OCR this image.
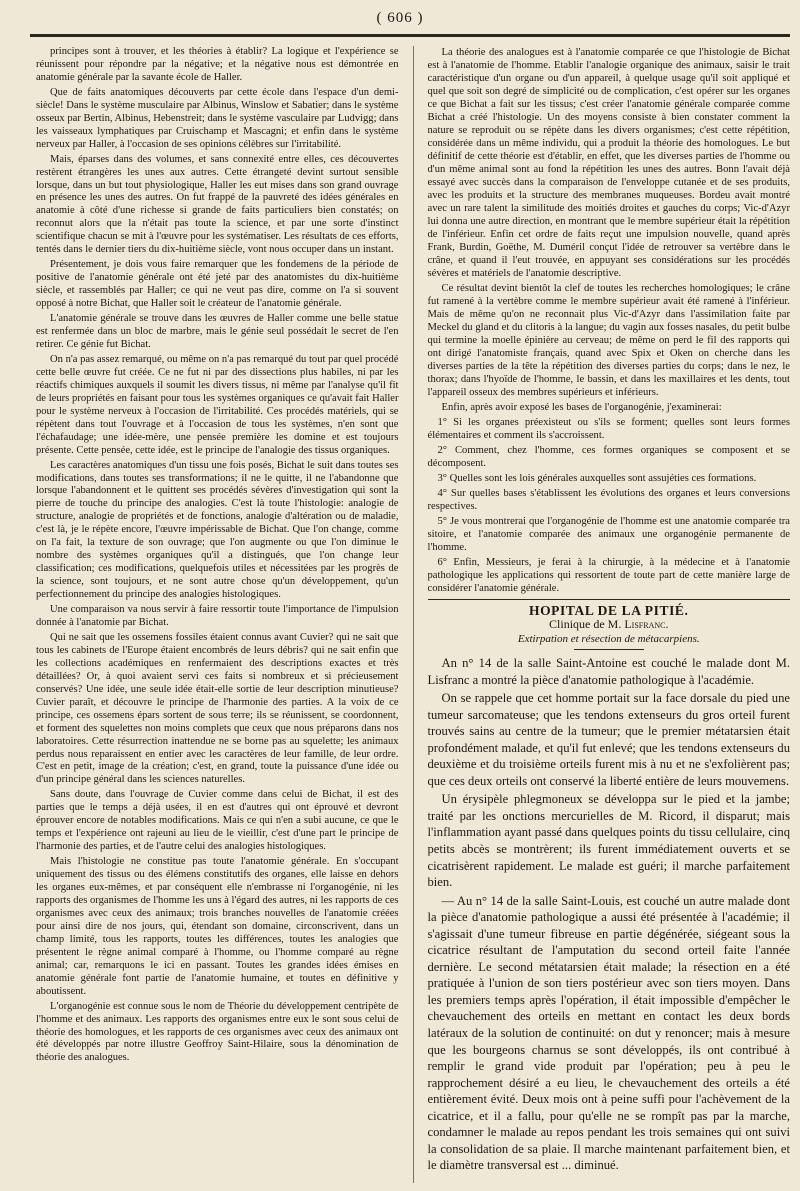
( 606 )

principes sont à trouver, et les théories à établir? La logique et l'expérience se réunissent pour répondre par la négative; et la négative nous est démontrée en anatomie générale par la savante école de Haller.

Que de faits anatomiques découverts par cette école dans l'espace d'un demi-siècle! Dans le système musculaire par Albinus, Winslow et Sabatier; dans le système osseux par Bertin, Albinus, Hebenstreit; dans le système vasculaire par Ludvigg; dans les vaisseaux lymphatiques par Cruischamp et Mascagni; et enfin dans le système nerveux par Haller, à l'occasion de ses opinions célèbres sur l'irritabilité.

Mais, éparses dans des volumes, et sans connexité entre elles, ces découvertes restèrent étrangères les unes aux autres. Cette étrangeté devint surtout sensible lorsque, dans un but tout physiologique, Haller les eut mises dans son grand ouvrage en présence les unes des autres. On fut frappé de la pauvreté des idées générales en anatomie à côté d'une richesse si grande de faits particuliers bien constatés; on reconnut alors que la n'était pas toute la science, et par une sorte d'instinct scientifique chacun se mit à l'œuvre pour les systématiser. Les résultats de ces efforts, tentés dans le dernier tiers du dix-huitième siècle, vont nous occuper dans un instant.

Présentement, je dois vous faire remarquer que les fondemens de la période de positive de l'anatomie générale ont été jeté par des anatomistes du dix-huitième siècle, et rassemblés par Haller; ce qui ne veut pas dire, comme on l'a si souvent opposé à notre Bichat, que Haller soit le créateur de l'anatomie générale.

L'anatomie générale se trouve dans les œuvres de Haller comme une belle statue est renfermée dans un bloc de marbre, mais le génie seul possédait le secret de l'en retirer. Ce génie fut Bichat.

On n'a pas assez remarqué, ou même on n'a pas remarqué du tout par quel procédé cette belle œuvre fut créée. Ce ne fut ni par des dissections plus habiles, ni par les réactifs chimiques auxquels il soumit les divers tissus, ni même par l'analyse qu'il fit de leurs propriétés en faisant pour tous les systèmes organiques ce qu'avait fait Haller pour le système nerveux à l'occasion de l'irritabilité. Ces procédés matériels, qui se répètent dans tout l'ouvrage et à l'occasion de tous les systèmes, n'en sont que l'échafaudage; une idée-mère, une pensée première les domine et est toujours présente. Cette pensée, cette idée, est le principe de l'analogie des tissus organiques.

Les caractères anatomiques d'un tissu une fois posés, Bichat le suit dans toutes ses modifications, dans toutes ses transformations; il ne le quitte, il ne l'abandonne que lorsque l'abandonnent et le quittent ses procédés sévères d'investigation qui sont la pierre de touche du principe des analogies. C'est là toute l'histologie: analogie de structure, analogie de propriétés et de fonctions, analogie d'altération ou de maladie, c'est là, je le répète encore, l'œuvre impérissable de Bichat. Que l'on change, comme on l'a fait, la texture de son ouvrage; que l'on augmente ou que l'on diminue le nombre des systèmes organiques qu'il a distingués, que l'on change leur classification; ces modifications, quelquefois utiles et nécessitées par les progrès de la science, sont toujours, et ne sont autre chose qu'un développement, qu'un perfectionnement du principe des analogies histologiques.

Une comparaison va nous servir à faire ressortir toute l'importance de l'impulsion donnée à l'anatomie par Bichat.

Qui ne sait que les ossemens fossiles étaient connus avant Cuvier? qui ne sait que tous les cabinets de l'Europe étaient encombrés de leurs débris? qui ne sait enfin que les collections académiques en renfermaient des descriptions exactes et très détaillées? Or, à quoi avaient servi ces faits si nombreux et si précieusement conservés? Une idée, une seule idée était-elle sortie de leur description minutieuse? Cuvier paraît, et découvre le principe de l'harmonie des parties. A la voix de ce principe, ces ossemens épars sortent de sous terre; ils se réunissent, se coordonnent, et forment des squelettes non moins complets que ceux que nous préparons dans nos laboratoires. Cette résurrection inattendue ne se borne pas au squelette; les animaux perdus nous reparaissent en entier avec les caractères de leur famille, de leur ordre. C'est en petit, image de la création; c'est, en grand, toute la puissance d'une idée ou d'un principe général dans les sciences naturelles.

Sans doute, dans l'ouvrage de Cuvier comme dans celui de Bichat, il est des parties que le temps a déjà usées, il en est d'autres qui ont éprouvé et devront éprouver encore de notables modifications. Mais ce qui n'en a subi aucune, ce que le temps et l'expérience ont rajeuni au lieu de le vieillir, c'est d'une part le principe de l'harmonie des parties, et de l'autre celui des analogies histologiques.

Mais l'histologie ne constitue pas toute l'anatomie générale. En s'occupant uniquement des tissus ou des élémens constitutifs des organes, elle laisse en dehors les organes eux-mêmes, et par conséquent elle n'embrasse ni l'organogénie, ni les rapports des organismes de l'homme les uns à l'égard des autres, ni les rapports de ces organismes avec ceux des animaux; trois branches nouvelles de l'anatomie créées pour ainsi dire de nos jours, qui, étendant son domaine, circonscrivent, dans un champ limité, tous les rapports, toutes les différences, toutes les analogies que présentent le règne animal comparé à l'homme, ou l'homme comparé au règne animal; car, remarquons le ici en passant. Toutes les grandes idées émises en anatomie générale font partie de l'anatomie humaine, et toutes en définitive y aboutissent.

L'organogénie est connue sous le nom de Théorie du développement centripète de l'homme et des animaux. Les rapports des organismes entre eux le sont sous celui de théorie des homologues, et les rapports de ces organismes avec ceux des animaux ont été développés par notre illustre Geoffroy Saint-Hilaire, sous la dénomination de théorie des analogues.

La théorie des analogues est à l'anatomie comparée ce que l'histologie de Bichat est à l'anatomie de l'homme. Etablir l'analogie organique des animaux, saisir le trait caractéristique d'un organe ou d'un appareil, à quelque usage qu'il soit appliqué et quel que soit son degré de simplicité ou de complication, c'est opérer sur les organes ce que Bichat a fait sur les tissus; c'est créer l'anatomie générale comparée comme Bichat a créé l'histologie. Un des moyens consiste à bien constater comment la nature se reproduit ou se répète dans les divers organismes; c'est cette répétition, considérée dans un même individu, qui a produit la théorie des homologues. Le but définitif de cette théorie est d'établir, en effet, que les diverses parties de l'homme ou d'un même animal sont au fond la répétition les unes des autres. Bonn l'avait déjà essayé avec succès dans la comparaison de l'enveloppe cutanée et de ses produits, avec les produits et la structure des membranes muqueuses. Bordeu avait montré avec un rare talent la similitude des moitiés droites et gauches du corps; Vic-d'Azyr lui donna une autre direction, en montrant que le membre supérieur était la répétition de l'inférieur. Enfin cet ordre de faits reçut une impulsion nouvelle, quand après Frank, Burdin, Goëthe, M. Duméril conçut l'idée de retrouver sa vertèbre dans le crâne, et quand il l'eut trouvée, en appuyant ses considérations sur les procédés sévères et matériels de l'anatomie descriptive.

Ce résultat devint bientôt la clef de toutes les recherches homologiques; le crâne fut ramené à la vertèbre comme le membre supérieur avait été ramené à l'inférieur. Mais de même qu'on ne reconnait plus Vic-d'Azyr dans l'assimilation faite par Meckel du gland et du clitoris à la langue; du vagin aux fosses nasales, du petit bulbe qui termine la moelle épinière au cerveau; de même on perd le fil des rapports qui ont dirigé l'anatomiste français, quand avec Spix et Oken on cherche dans les diverses parties de la tête la répétition des diverses parties du corps; dans le nez, le thorax; dans l'hyoïde de l'homme, le bassin, et dans les maxillaires et les dents, tout l'appareil osseux des membres supérieurs et inférieurs.

Enfin, après avoir exposé les bases de l'organogénie, j'examinerai:

1° Si les organes préexisteut ou s'ils se forment; quelles sont leurs formes élémentaires et comment ils s'accroissent.

2° Comment, chez l'homme, ces formes organiques se composent et se décomposent.

3° Quelles sont les lois générales auxquelles sont assujéties ces formations.

4° Sur quelles bases s'établissent les évolutions des organes et leurs conversions respectives.

5° Je vous montrerai que l'organogénie de l'homme est une anatomie comparée tra sitoire, et l'anatomie comparée des animaux une organogénie permanente de l'homme.

6° Enfin, Messieurs, je ferai à la chirurgie, à la médecine et à l'anatomie pathologique les applications qui ressortent de toute part de cette manière large de considérer l'anatomie générale.

HOPITAL DE LA PITIÉ.
Clinique de M. Lisfranc.
Extirpation et résection de métacarpiens.

An n° 14 de la salle Saint-Antoine est couché le malade dont M. Lisfranc a montré la pièce d'anatomie pathologique à l'académie.

On se rappele que cet homme portait sur la face dorsale du pied une tumeur sarcomateuse; que les tendons extenseurs du gros orteil furent trouvés sains au centre de la tumeur; que le premier métatarsien était profondément malade, et qu'il fut enlevé; que les tendons extenseurs du deuxième et du troisième orteils furent mis à nu et ne s'exfolièrent pas; que ces deux orteils ont conservé la liberté entière de leurs mouvemens.

Un érysipèle phlegmoneux se développa sur le pied et la jambe; traité par les onctions mercurielles de M. Ricord, il disparut; mais l'inflammation ayant passé dans quelques points du tissu cellulaire, cinq petits abcès se montrèrent; ils furent immédiatement ouverts et se cicatrisèrent rapidement. Le malade est guéri; il marche parfaitement bien.

— Au n° 14 de la salle Saint-Louis, est couché un autre malade dont la pièce d'anatomie pathologique a aussi été présentée à l'académie; il s'agissait d'une tumeur fibreuse en partie dégénérée, siégeant sous la cicatrice résultant de l'amputation du second orteil faite l'année dernière. Le second métatarsien était malade; la résection en a été pratiquée à l'union de son tiers postérieur avec son tiers moyen. Dans les premiers temps après l'opération, il était impossible d'empêcher le chevauchement des orteils en mettant en contact les deux bords latéraux de la solution de continuité: on dut y renoncer; mais à mesure que les bourgeons charnus se sont développés, ils ont contribué à remplir le grand vide produit par l'opération; peu à peu le rapprochement désiré a eu lieu, le chevauchement des orteils a été entièrement évité. Deux mois ont à peine suffi pour l'achèvement de la cicatrice, et il a fallu, pour qu'elle ne se rompît pas par la marche, condamner le malade au repos pendant les trois semaines qui ont suivi la consolidation de sa plaie. Il marche maintenant parfaitement bien, et le diamètre transversal est ... diminué.
